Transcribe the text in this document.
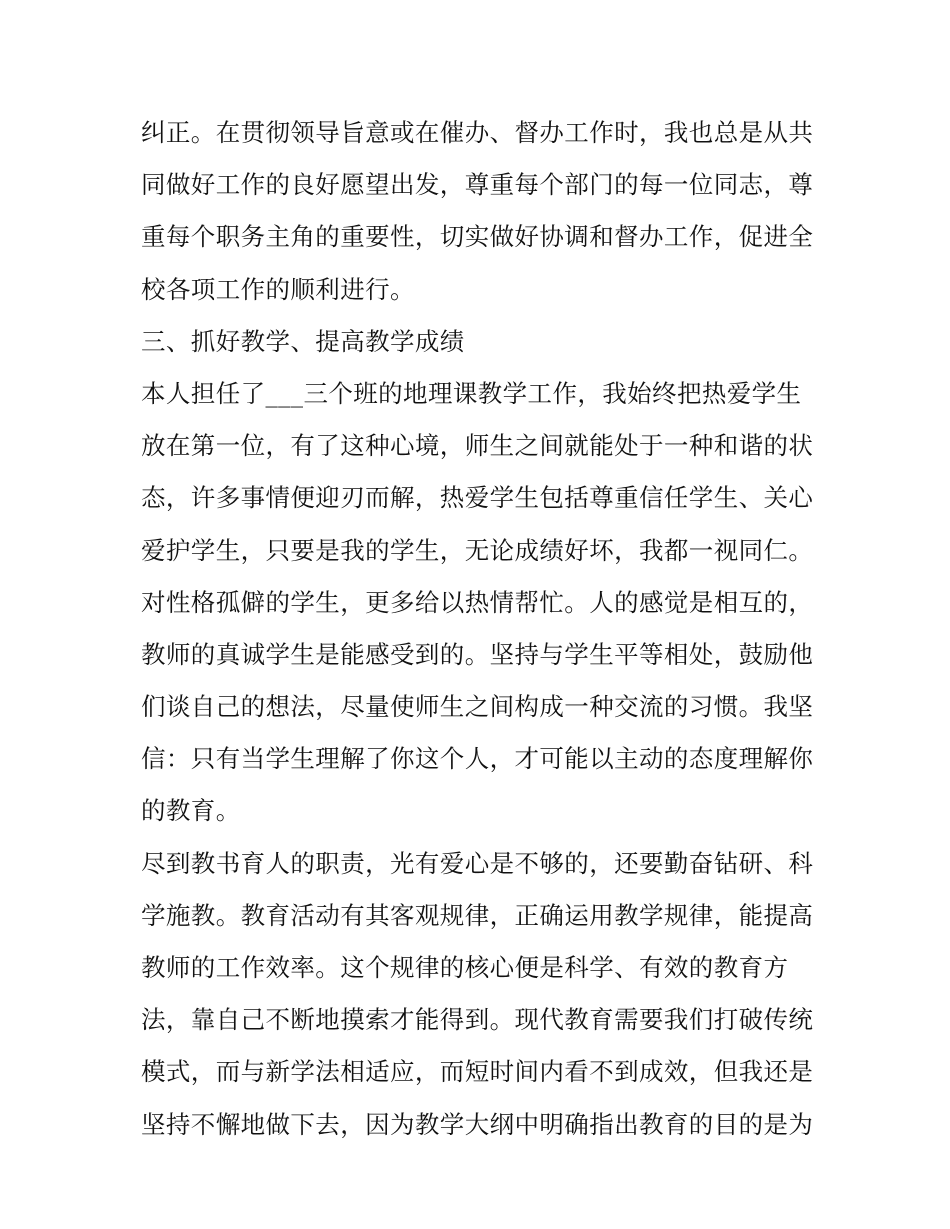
纠正。在贯彻领导旨意或在催办、督办工作时，我也总是从共
同做好工作的良好愿望出发，尊重每个部门的每一位同志，尊
重每个职务主角的重要性，切实做好协调和督办工作，促进全
校各项工作的顺利进行。
三、抓好教学、提高教学成绩
本人担任了___三个班的地理课教学工作，我始终把热爱学生
放在第一位，有了这种心境，师生之间就能处于一种和谐的状
态，许多事情便迎刃而解，热爱学生包括尊重信任学生、关心
爱护学生，只要是我的学生，无论成绩好坏，我都一视同仁。
对性格孤僻的学生，更多给以热情帮忙。人的感觉是相互的，
教师的真诚学生是能感受到的。坚持与学生平等相处，鼓励他
们谈自己的想法，尽量使师生之间构成一种交流的习惯。我坚
信：只有当学生理解了你这个人，才可能以主动的态度理解你
的教育。
尽到教书育人的职责，光有爱心是不够的，还要勤奋钻研、科
学施教。教育活动有其客观规律，正确运用教学规律，能提高
教师的工作效率。这个规律的核心便是科学、有效的教育方
法，靠自己不断地摸索才能得到。现代教育需要我们打破传统
模式，而与新学法相适应，而短时间内看不到成效，但我还是
坚持不懈地做下去，因为教学大纲中明确指出教育的目的是为
